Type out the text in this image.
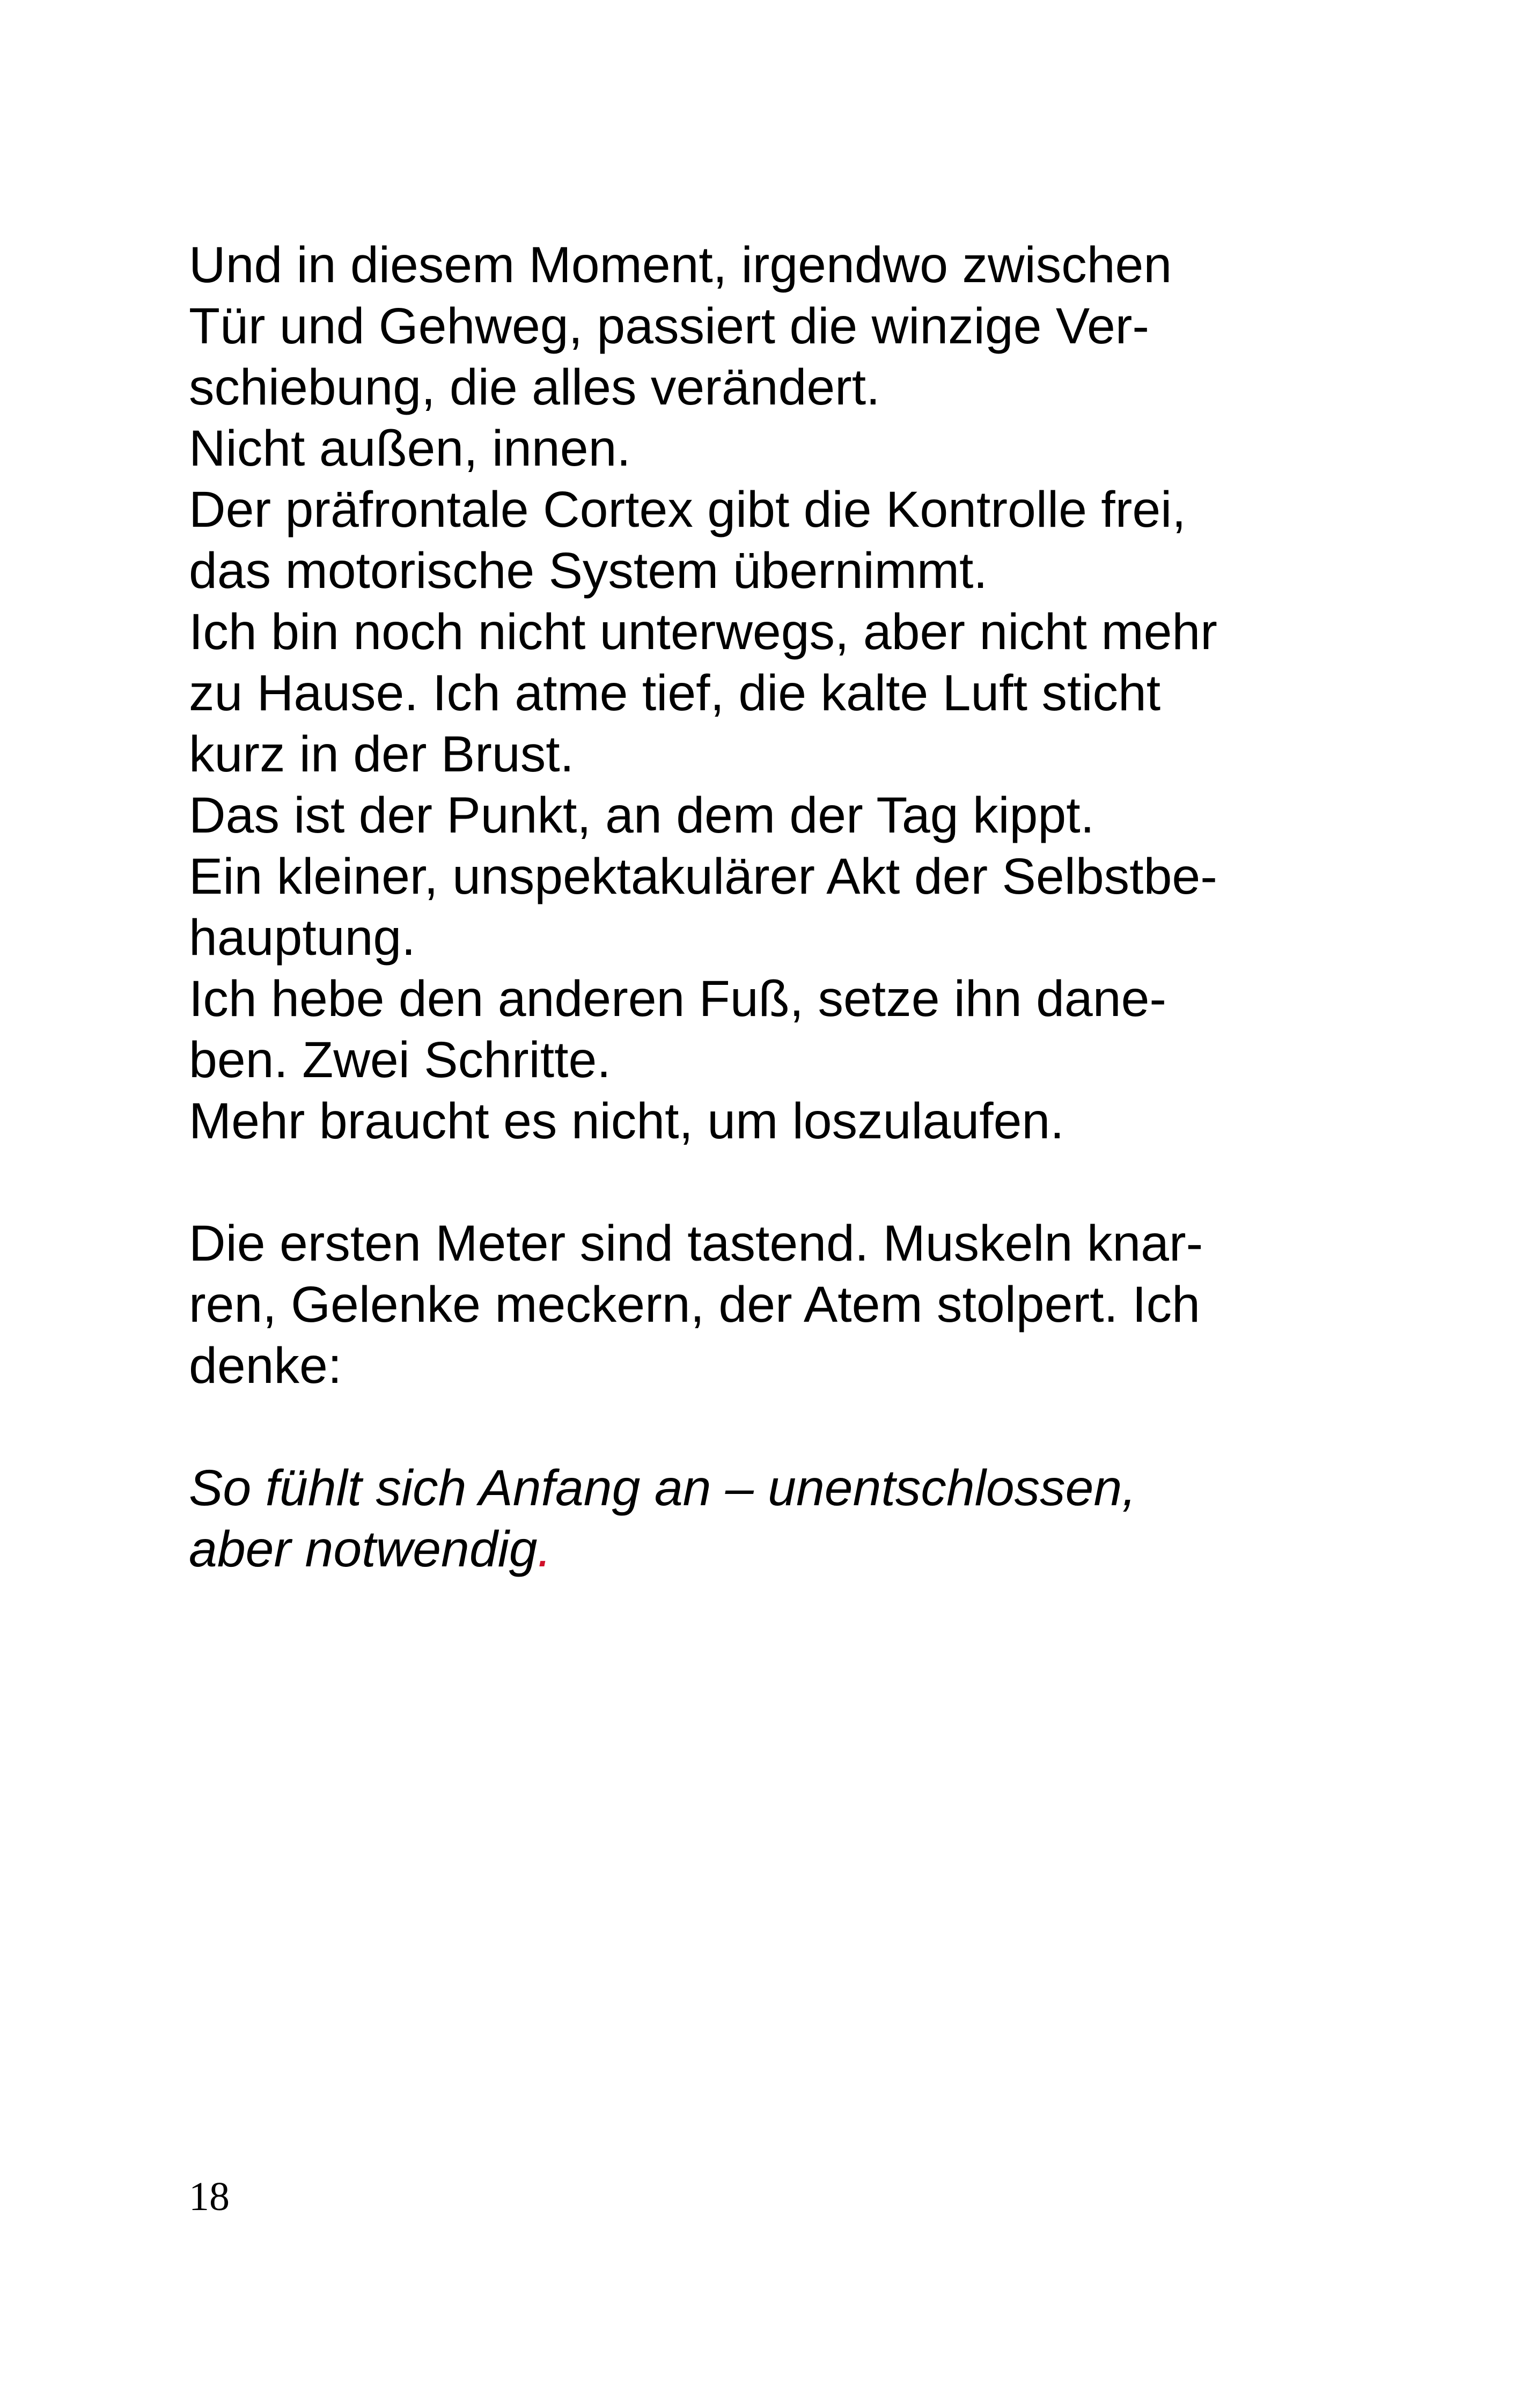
Und in diesem Moment, irgendwo zwischen
Tür und Gehweg, passiert die winzige Ver-
schiebung, die alles verändert.
Nicht außen, innen.
Der präfrontale Cortex gibt die Kontrolle frei,
das motorische System übernimmt.
Ich bin noch nicht unterwegs, aber nicht mehr
zu Hause. Ich atme tief, die kalte Luft sticht
kurz in der Brust.
Das ist der Punkt, an dem der Tag kippt.
Ein kleiner, unspektakulärer Akt der Selbstbe-
hauptung.
Ich hebe den anderen Fuß, setze ihn dane-
ben. Zwei Schritte.
Mehr braucht es nicht, um loszulaufen.
Die ersten Meter sind tastend. Muskeln knar-
ren, Gelenke meckern, der Atem stolpert. Ich
denke:
So fühlt sich Anfang an – unentschlossen,
aber notwendig.
18
